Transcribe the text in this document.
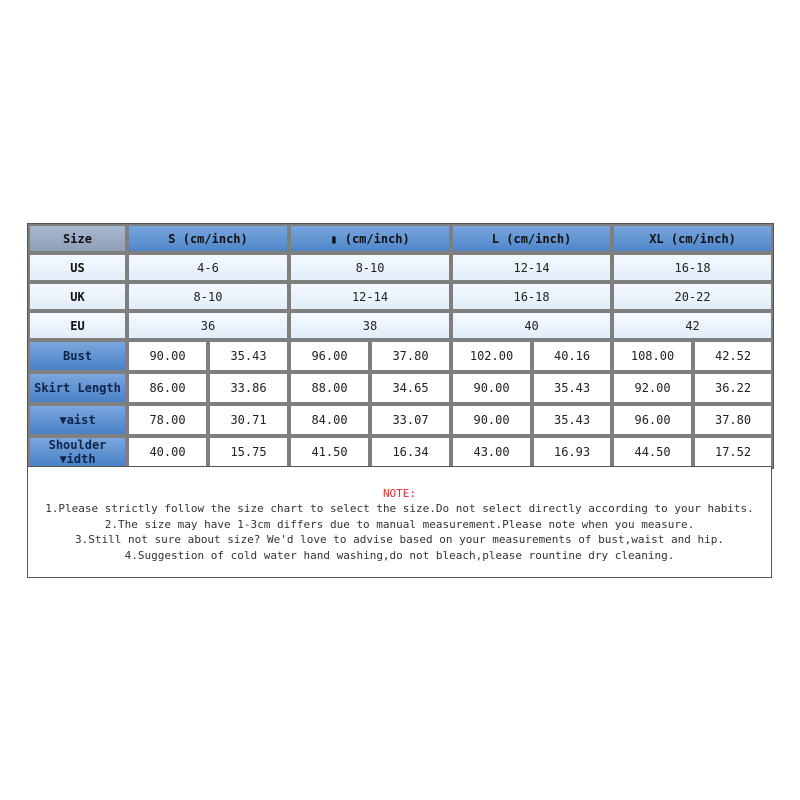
Size	S (cm/inch)		▮ (cm/inch)		L (cm/inch)		XL (cm/inch)	
US	4-6		8-10		12-14		16-18	
UK	8-10		12-14		16-18		20-22	
EU	36		38		40		42	
Bust	90.00	35.43	96.00	37.80	102.00	40.16	108.00	42.52
Skirt Length	86.00	33.86	88.00	34.65	90.00	35.43	92.00	36.22
▼aist	78.00	30.71	84.00	33.07	90.00	35.43	96.00	37.80
Shoulder
▼idth	40.00	15.75	41.50	16.34	43.00	16.93	44.50	17.52
NOTE:
1.Please strictly follow the size chart to select the size.Do not select directly according to your habits.
2.The size may have 1-3cm differs due to manual measurement.Please note when you measure.
3.Still not sure about size? We'd love to advise based on your measurements of bust,waist and hip.
4.Suggestion of cold water hand washing,do not bleach,please rountine dry cleaning.
